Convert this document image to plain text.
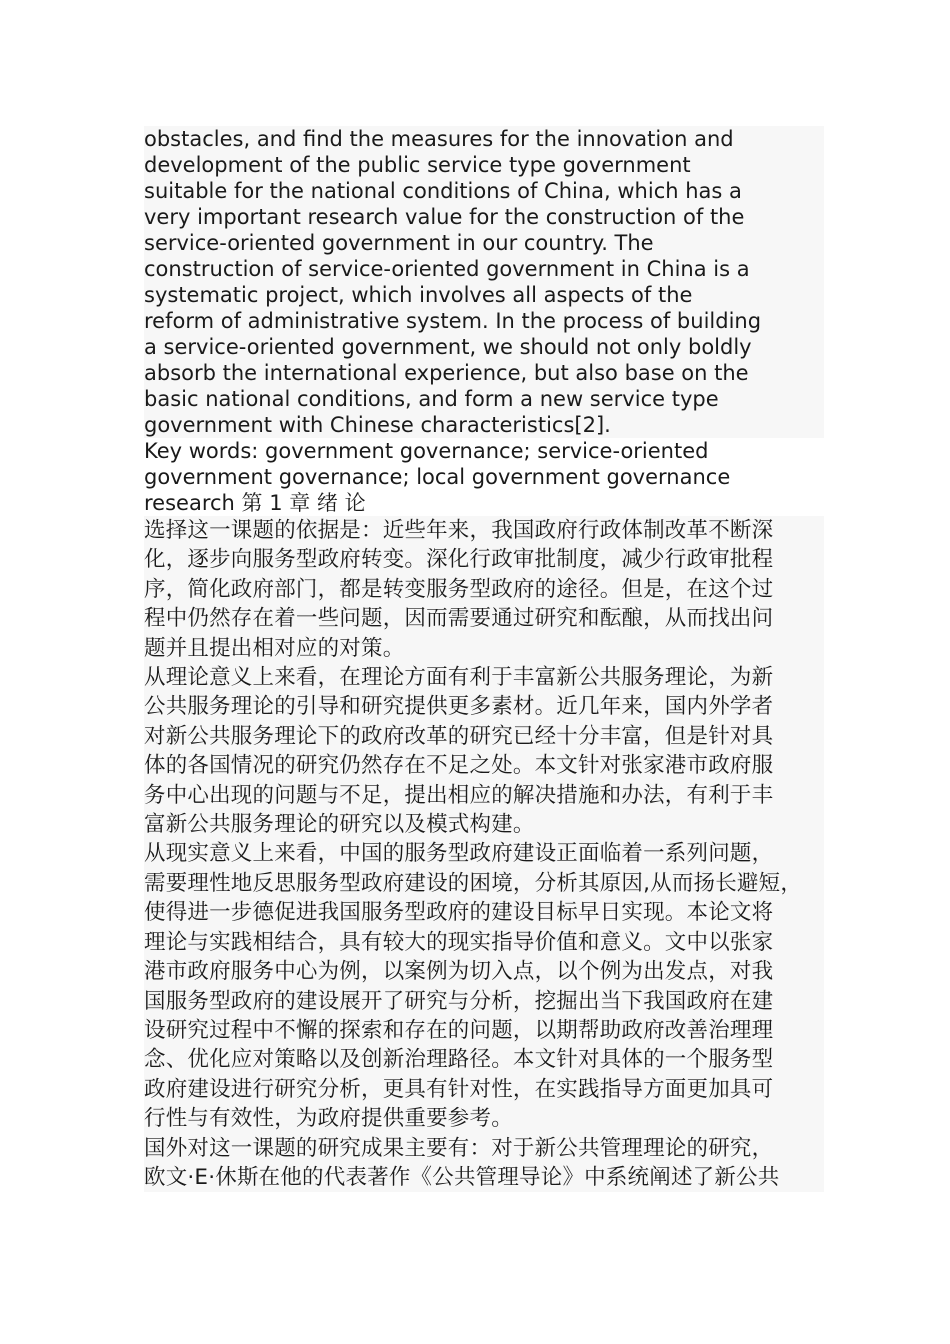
obstacles, and find the measures for the innovation and
development of the public service type government
suitable for the national conditions of China, which has a
very important research value for the construction of the
service-oriented government in our country. The
construction of service-oriented government in China is a
systematic project, which involves all aspects of the
reform of administrative system. In the process of building
a service-oriented government, we should not only boldly
absorb the international experience, but also base on the
basic national conditions, and form a new service type
government with Chinese characteristics[2].

Key words: government governance; service-oriented
government governance; local government governance
research 第 1 章 绪 论

选择这一课题的依据是：近些年来，我国政府行政体制改革不断深
化，逐步向服务型政府转变。深化行政审批制度，减少行政审批程
序，简化政府部门，都是转变服务型政府的途径。但是，在这个过
程中仍然存在着一些问题，因而需要通过研究和酝酿，从而找出问
题并且提出相对应的对策。

从理论意义上来看，在理论方面有利于丰富新公共服务理论，为新
公共服务理论的引导和研究提供更多素材。近几年来，国内外学者
对新公共服务理论下的政府改革的研究已经十分丰富，但是针对具
体的各国情况的研究仍然存在不足之处。本文针对张家港市政府服
务中心出现的问题与不足，提出相应的解决措施和办法，有利于丰
富新公共服务理论的研究以及模式构建。

从现实意义上来看，中国的服务型政府建设正面临着一系列问题，
需要理性地反思服务型政府建设的困境，分析其原因,从而扬长避短，
使得进一步德促进我国服务型政府的建设目标早日实现。本论文将
理论与实践相结合，具有较大的现实指导价值和意义。文中以张家
港市政府服务中心为例，以案例为切入点，以个例为出发点，对我
国服务型政府的建设展开了研究与分析，挖掘出当下我国政府在建
设研究过程中不懈的探索和存在的问题，以期帮助政府改善治理理
念、优化应对策略以及创新治理路径。本文针对具体的一个服务型
政府建设进行研究分析，更具有针对性，在实践指导方面更加具可
行性与有效性，为政府提供重要参考。

国外对这一课题的研究成果主要有：对于新公共管理理论的研究，
欧文·E·休斯在他的代表著作《公共管理导论》中系统阐述了新公共
